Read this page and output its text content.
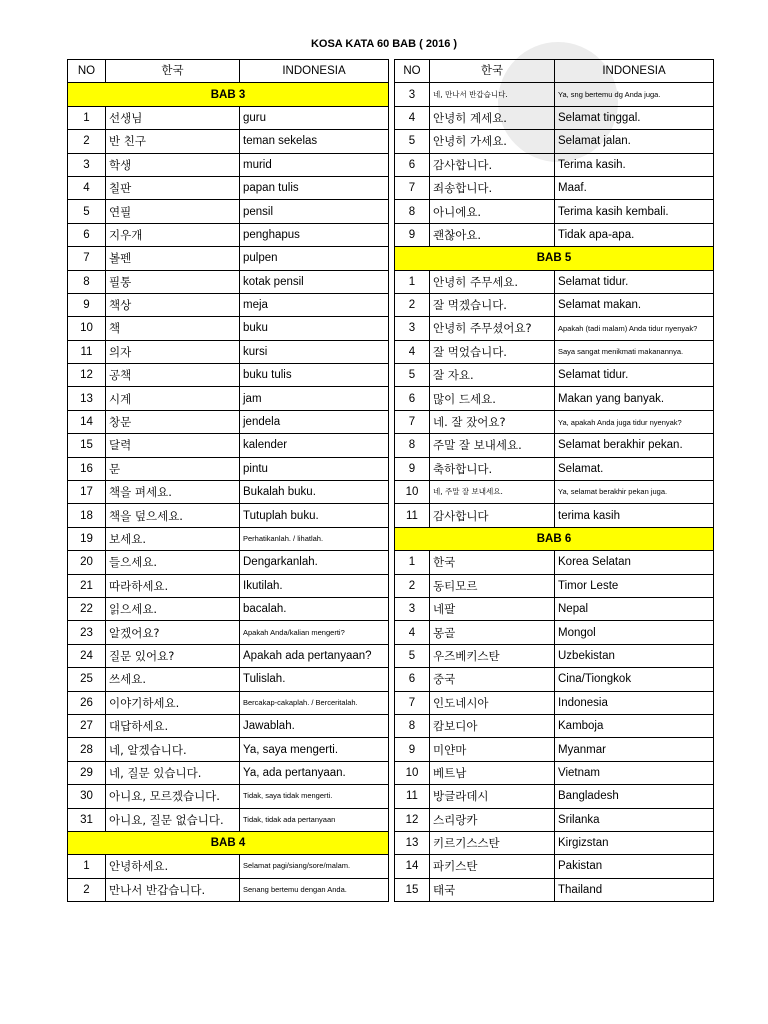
KOSA KATA 60 BAB ( 2016 )
NO	한국	INDONESIA
BAB 3		
1	선생님	guru
2	반 친구	teman sekelas
3	학생	murid
4	칠판	papan tulis
5	연필	pensil
6	지우개	penghapus
7	볼펜	pulpen
8	필통	kotak pensil
9	책상	meja
10	책	buku
11	의자	kursi
12	공책	buku tulis
13	시계	jam
14	창문	jendela
15	달력	kalender
16	문	pintu
17	책을 펴세요.	Bukalah buku.
18	책을 덮으세요.	Tutuplah buku.
19	보세요.	Perhatikanlah. / lihatlah.
20	들으세요.	Dengarkanlah.
21	따라하세요.	Ikutilah.
22	읽으세요.	bacalah.
23	알겠어요?	Apakah Anda/kalian mengerti?
24	질문 있어요?	Apakah ada pertanyaan?
25	쓰세요.	Tulislah.
26	이야기하세요.	Bercakap-cakaplah. / Berceritalah.
27	대답하세요.	Jawablah.
28	네, 알겠습니다.	Ya, saya mengerti.
29	네, 질문 있습니다.	Ya, ada pertanyaan.
30	아니요, 모르겠습니다.	Tidak, saya tidak mengerti.
31	아니요, 질문 없습니다.	Tidak, tidak ada pertanyaan
BAB 4		
1	안녕하세요.	Selamat pagi/siang/sore/malam.
2	만나서 반갑습니다.	Senang bertemu dengan Anda.
NO	한국	INDONESIA
3	네, 만나서 반갑습니다.	Ya, sng bertemu dg Anda juga.
4	안녕히 계세요.	Selamat tinggal.
5	안녕히 가세요.	Selamat jalan.
6	감사합니다.	Terima kasih.
7	죄송합니다.	Maaf.
8	아니에요.	Terima kasih kembali.
9	괜찮아요.	Tidak apa-apa.
BAB 5		
1	안녕히 주무세요.	Selamat tidur.
2	잘 먹겠습니다.	Selamat makan.
3	안녕히 주무셨어요?	Apakah (tadi malam) Anda tidur nyenyak?
4	잘 먹었습니다.	Saya sangat menikmati makanannya.
5	잘 자요.	Selamat tidur.
6	많이 드세요.	Makan yang banyak.
7	네. 잘 잤어요?	Ya, apakah Anda juga tidur nyenyak?
8	주말 잘 보내세요.	Selamat berakhir pekan.
9	축하합니다.	Selamat.
10	네, 주말 잘 보내세요.	Ya, selamat berakhir pekan juga.
11	감사합니다	terima kasih
BAB 6		
1	한국	Korea Selatan
2	동티모르	Timor Leste
3	네팔	Nepal
4	몽골	Mongol
5	우즈베키스탄	Uzbekistan
6	중국	Cina/Tiongkok
7	인도네시아	Indonesia
8	캄보디아	Kamboja
9	미얀마	Myanmar
10	베트남	Vietnam
11	방글라데시	Bangladesh
12	스리랑카	Srilanka
13	키르기스스탄	Kirgizstan
14	파키스탄	Pakistan
15	태국	Thailand
